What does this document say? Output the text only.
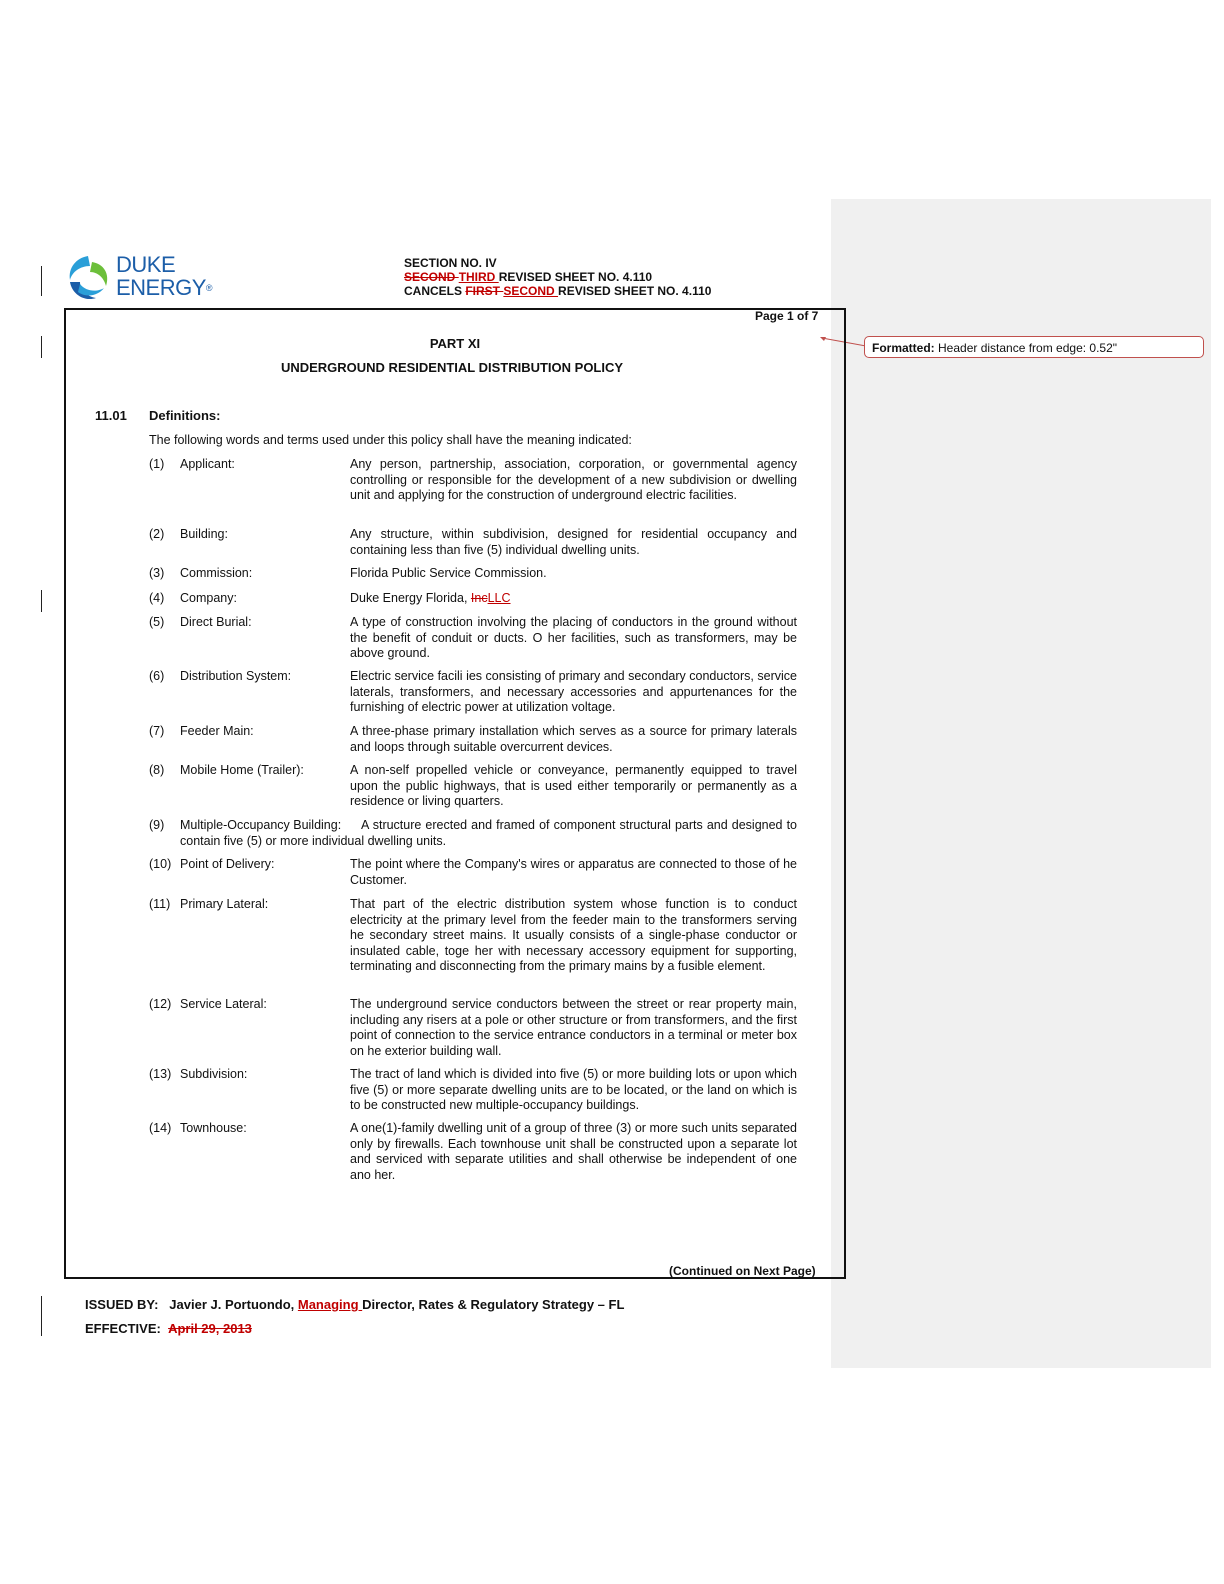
Formatted: Header distance from edge: 0.52"
DUKE
ENERGY®
SECTION NO. IV
SECOND THIRD REVISED SHEET NO. 4.110
CANCELS FIRST SECOND REVISED SHEET NO. 4.110
Page 1 of 7
PART XI
UNDERGROUND RESIDENTIAL DISTRIBUTION POLICY
11.01 Definitions:
The following words and terms used under this policy shall have the meaning indicated:
(1) Applicant:	Any person, partnership, association, corporation, or governmental agency controlling or responsible for the development of a new subdivision or dwelling unit and applying for the construction of underground electric facilities.
(2) Building:	Any structure, within subdivision, designed for residential occupancy and containing less than five (5) individual dwelling units.
(3) Commission:	Florida Public Service Commission.
(4) Company:	Duke Energy Florida, IncLLC
(5) Direct Burial:	A type of construction involving the placing of conductors in the ground without the benefit of conduit or ducts. O her facilities, such as transformers, may be above ground.
(6) Distribution System:	Electric service facili ies consisting of primary and secondary conductors, service laterals, transformers, and necessary accessories and appurtenances for the furnishing of electric power at utilization voltage.
(7) Feeder Main:	A three-phase primary installation which serves as a source for primary laterals and loops through suitable overcurrent devices.
(8) Mobile Home (Trailer):	A non-self propelled vehicle or conveyance, permanently equipped to travel upon the public highways, that is used either temporarily or permanently as a residence or living quarters.
(9) Multiple-Occupancy Building:	A structure erected and framed of component structural parts and designed to contain five (5) or more individual dwelling units.
(10) Point of Delivery:	The point where the Company's wires or apparatus are connected to those of he Customer.
(11) Primary Lateral:	That part of the electric distribution system whose function is to conduct electricity at the primary level from the feeder main to the transformers serving he secondary street mains. It usually consists of a single-phase conductor or insulated cable, toge her with necessary accessory equipment for supporting, terminating and disconnecting from the primary mains by a fusible element.
(12) Service Lateral:	The underground service conductors between the street or rear property main, including any risers at a pole or other structure or from transformers, and the first point of connection to the service entrance conductors in a terminal or meter box on he exterior building wall.
(13) Subdivision:	The tract of land which is divided into five (5) or more building lots or upon which five (5) or more separate dwelling units are to be located, or the land on which is to be constructed new multiple-occupancy buildings.
(14) Townhouse:	A one(1)-family dwelling unit of a group of three (3) or more such units separated only by firewalls. Each townhouse unit shall be constructed upon a separate lot and serviced with separate utilities and shall otherwise be independent of one ano her.
(Continued on Next Page)
ISSUED BY: Javier J. Portuondo, Managing Director, Rates & Regulatory Strategy – FL
EFFECTIVE: April 29, 2013
